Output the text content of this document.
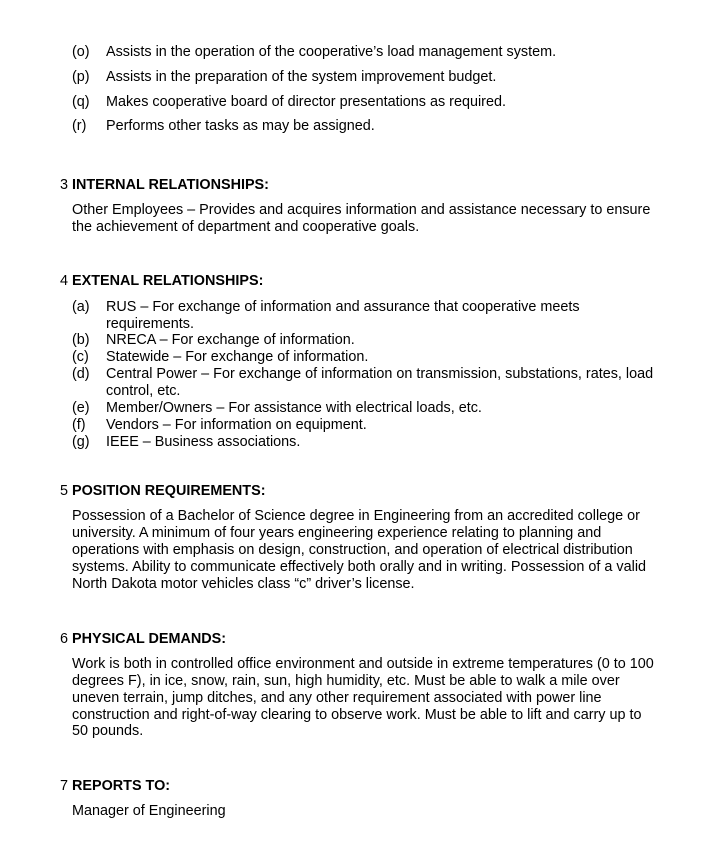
(o) Assists in the operation of the cooperative’s load management system.
(p) Assists in the preparation of the system improvement budget.
(q) Makes cooperative board of director presentations as required.
(r) Performs other tasks as may be assigned.
3 INTERNAL RELATIONSHIPS:
Other Employees – Provides and acquires information and assistance necessary to ensure
the achievement of department and cooperative goals.
4 EXTENAL RELATIONSHIPS:
(a) RUS – For exchange of information and assurance that cooperative meets
requirements.
(b) NRECA – For exchange of information.
(c) Statewide – For exchange of information.
(d) Central Power – For exchange of information on transmission, substations, rates, load
control, etc.
(e) Member/Owners – For assistance with electrical loads, etc.
(f) Vendors – For information on equipment.
(g) IEEE – Business associations.
5 POSITION REQUIREMENTS:
Possession of a Bachelor of Science degree in Engineering from an accredited college or
university. A minimum of four years engineering experience relating to planning and
operations with emphasis on design, construction, and operation of electrical distribution
systems. Ability to communicate effectively both orally and in writing. Possession of a valid
North Dakota motor vehicles class “c” driver’s license.
6 PHYSICAL DEMANDS:
Work is both in controlled office environment and outside in extreme temperatures (0 to 100
degrees F), in ice, snow, rain, sun, high humidity, etc. Must be able to walk a mile over
uneven terrain, jump ditches, and any other requirement associated with power line
construction and right-of-way clearing to observe work. Must be able to lift and carry up to
50 pounds.
7 REPORTS TO:
Manager of Engineering
